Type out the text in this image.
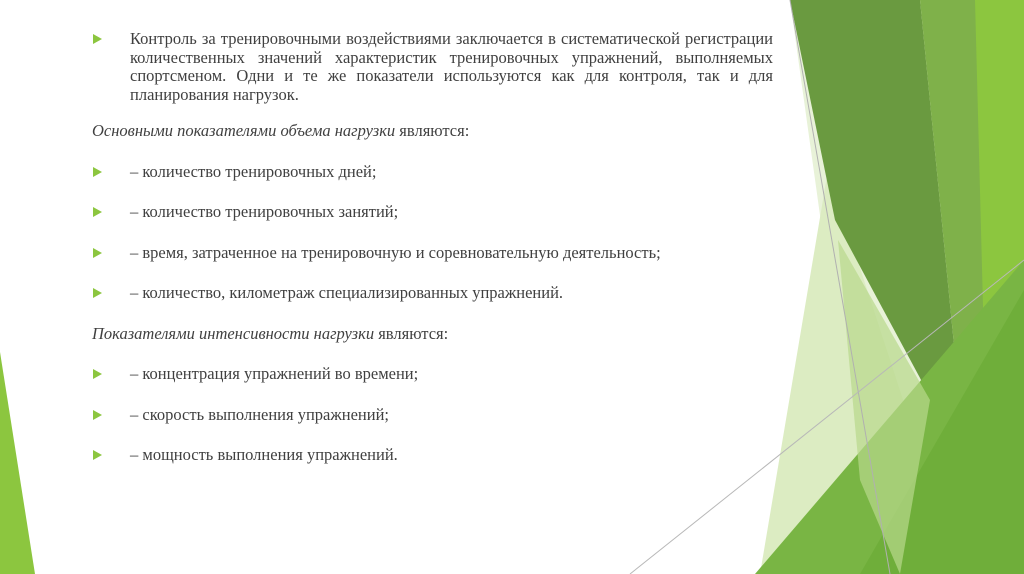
Контроль за тренировочными воздействиями заключается в систематической регистрации количественных значений характеристик тренировочных упражнений, выполняемых спортсменом. Одни и те же показатели используются как для контроля, так и для планирования нагрузок.

Основными показателями объема нагрузки являются:

– количество тренировочных дней;

– количество тренировочных занятий;

– время, затраченное на тренировочную и соревновательную деятельность;

– количество, километраж специализированных упражнений.

Показателями интенсивности нагрузки являются:

– концентрация упражнений во времени;

– скорость выполнения упражнений;

– мощность выполнения упражнений.
